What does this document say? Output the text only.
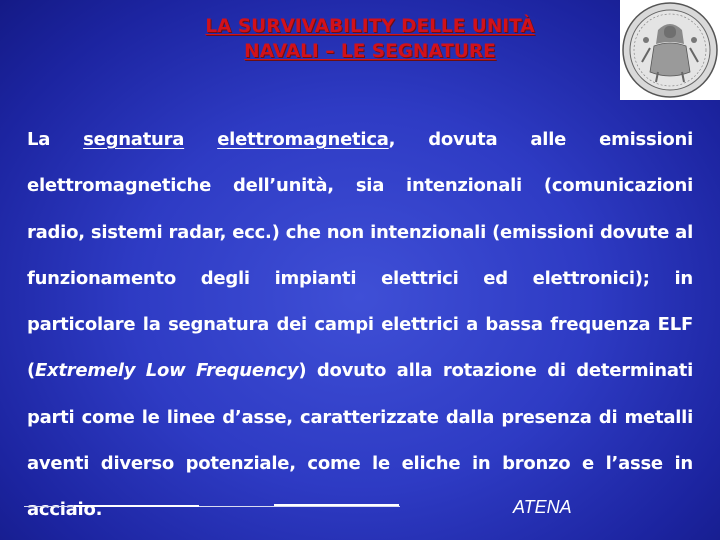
LA SURVIVABILITY DELLE UNITÀ
NAVALI – LE SEGNATURE
La segnatura elettromagnetica, dovuta alle emissioni elettromagnetiche dell’unità, sia intenzionali (comunicazioni radio, sistemi radar, ecc.) che non intenzionali (emissioni dovute al funzionamento degli impianti elettrici ed elettronici); in particolare la segnatura dei campi elettrici a bassa frequenza ELF (Extremely Low Frequency) dovuto alla rotazione di determinati parti come le linee d’asse, caratterizzate dalla presenza di metalli aventi diverso potenziale, come le eliche in bronzo e l’asse in acciaio.	ATENA
